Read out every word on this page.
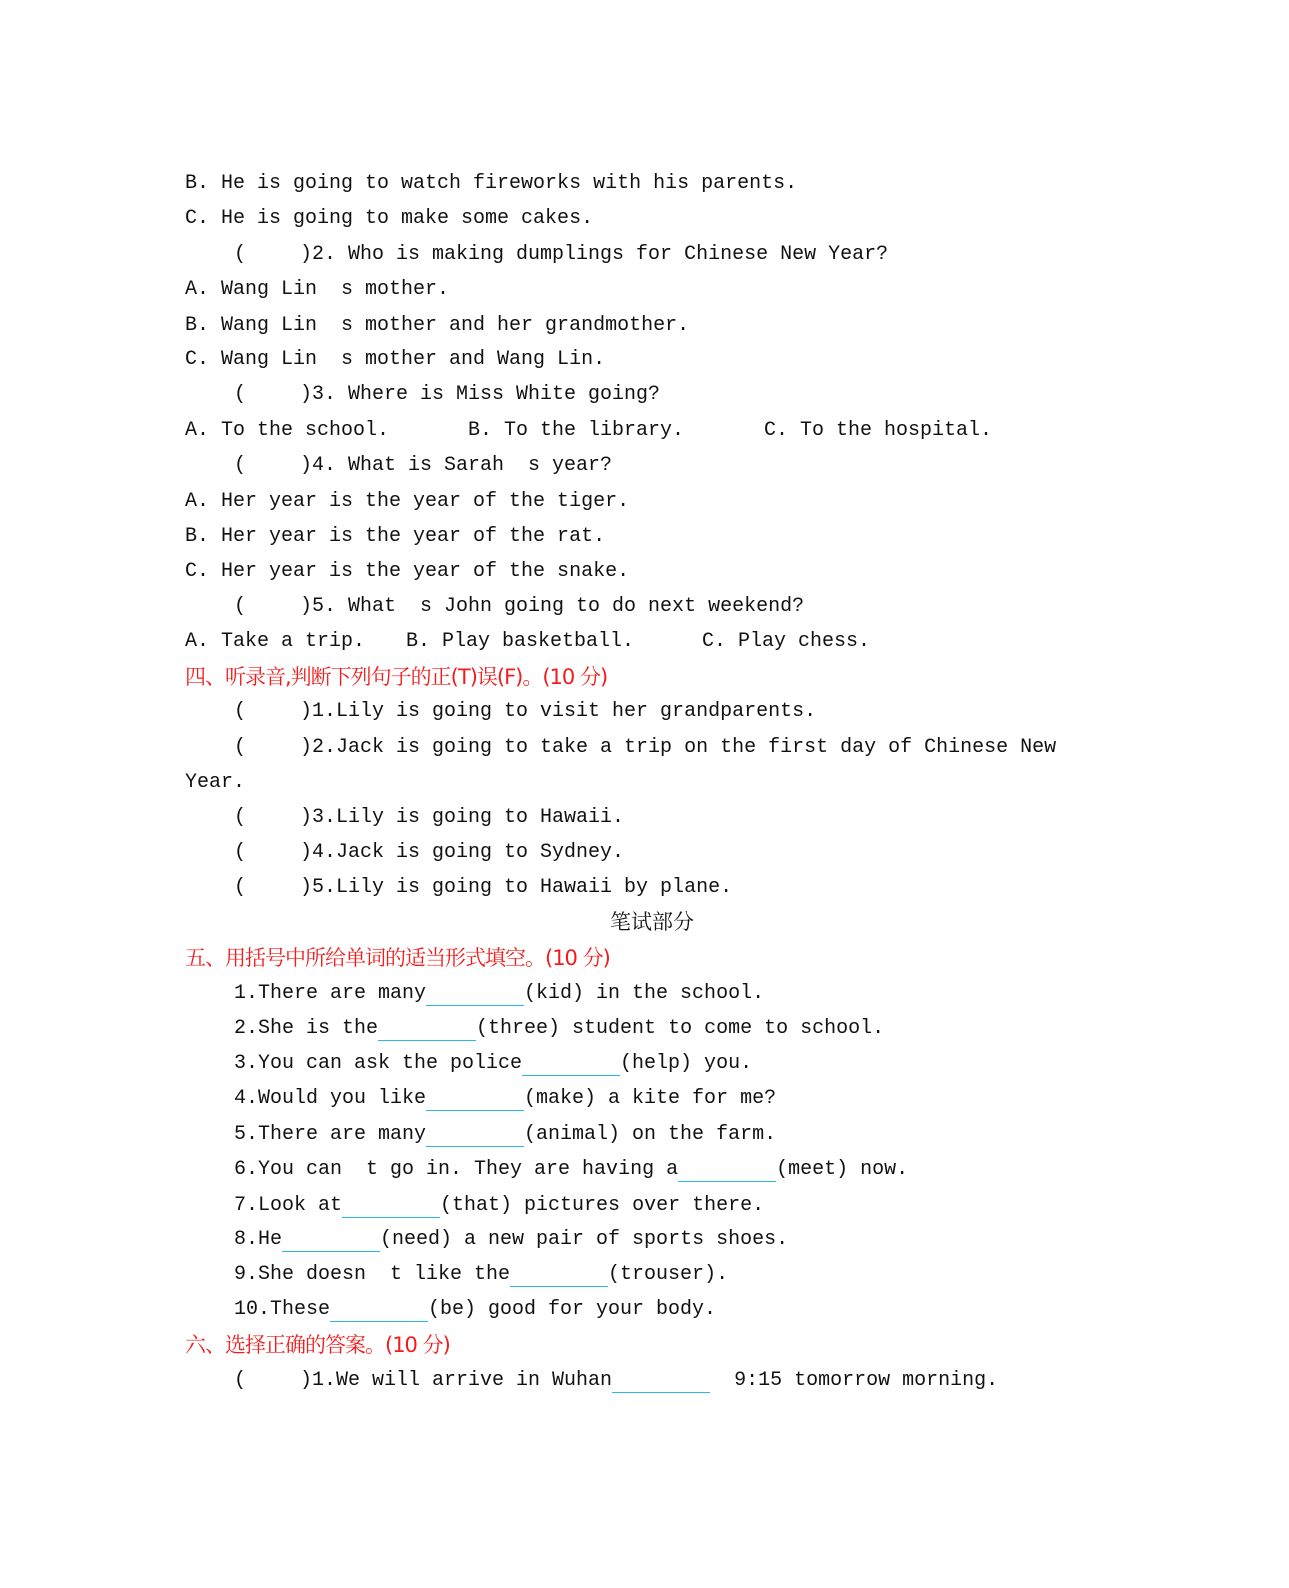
B. He is going to watch fireworks with his parents.
C. He is going to make some cakes.
(	)2. Who is making dumplings for Chinese New Year?
A. Wang Lin  s mother.
B. Wang Lin  s mother and her grandmother.
C. Wang Lin  s mother and Wang Lin.
(	)3. Where is Miss White going?
A. To the school.	B. To the library.	C. To the hospital.
(	)4. What is Sarah  s year?
A. Her year is the year of the tiger.
B. Her year is the year of the rat.
C. Her year is the year of the snake.
(	)5. What  s John going to do next weekend?
A. Take a trip. B. Play basketball.	C. Play chess.
四、听录音,判断下列句子的正(T)误(F)。(10 分)
(	)1.Lily is going to visit her grandparents.
(	)2.Jack is going to take a trip on the first day of Chinese New
Year.
(	)3.Lily is going to Hawaii.
(	)4.Jack is going to Sydney.
(	)5.Lily is going to Hawaii by plane.
笔试部分
五、用括号中所给单词的适当形式填空。(10 分)
1.There are many	(kid) in the school.
2.She is the	(three) student to come to school.
3.You can ask the police	(help) you.
4.Would you like	(make) a kite for me?
5.There are many	(animal) on the farm.
6.You can  t go in. They are having a	(meet) now.
7.Look at	(that) pictures over there.
8.He	(need) a new pair of sports shoes.
9.She doesn  t like the	(trouser).
10.These	(be) good for your body.
六、选择正确的答案。(10 分)
(	)1.We will arrive in Wuhan	9:15 tomorrow morning.
